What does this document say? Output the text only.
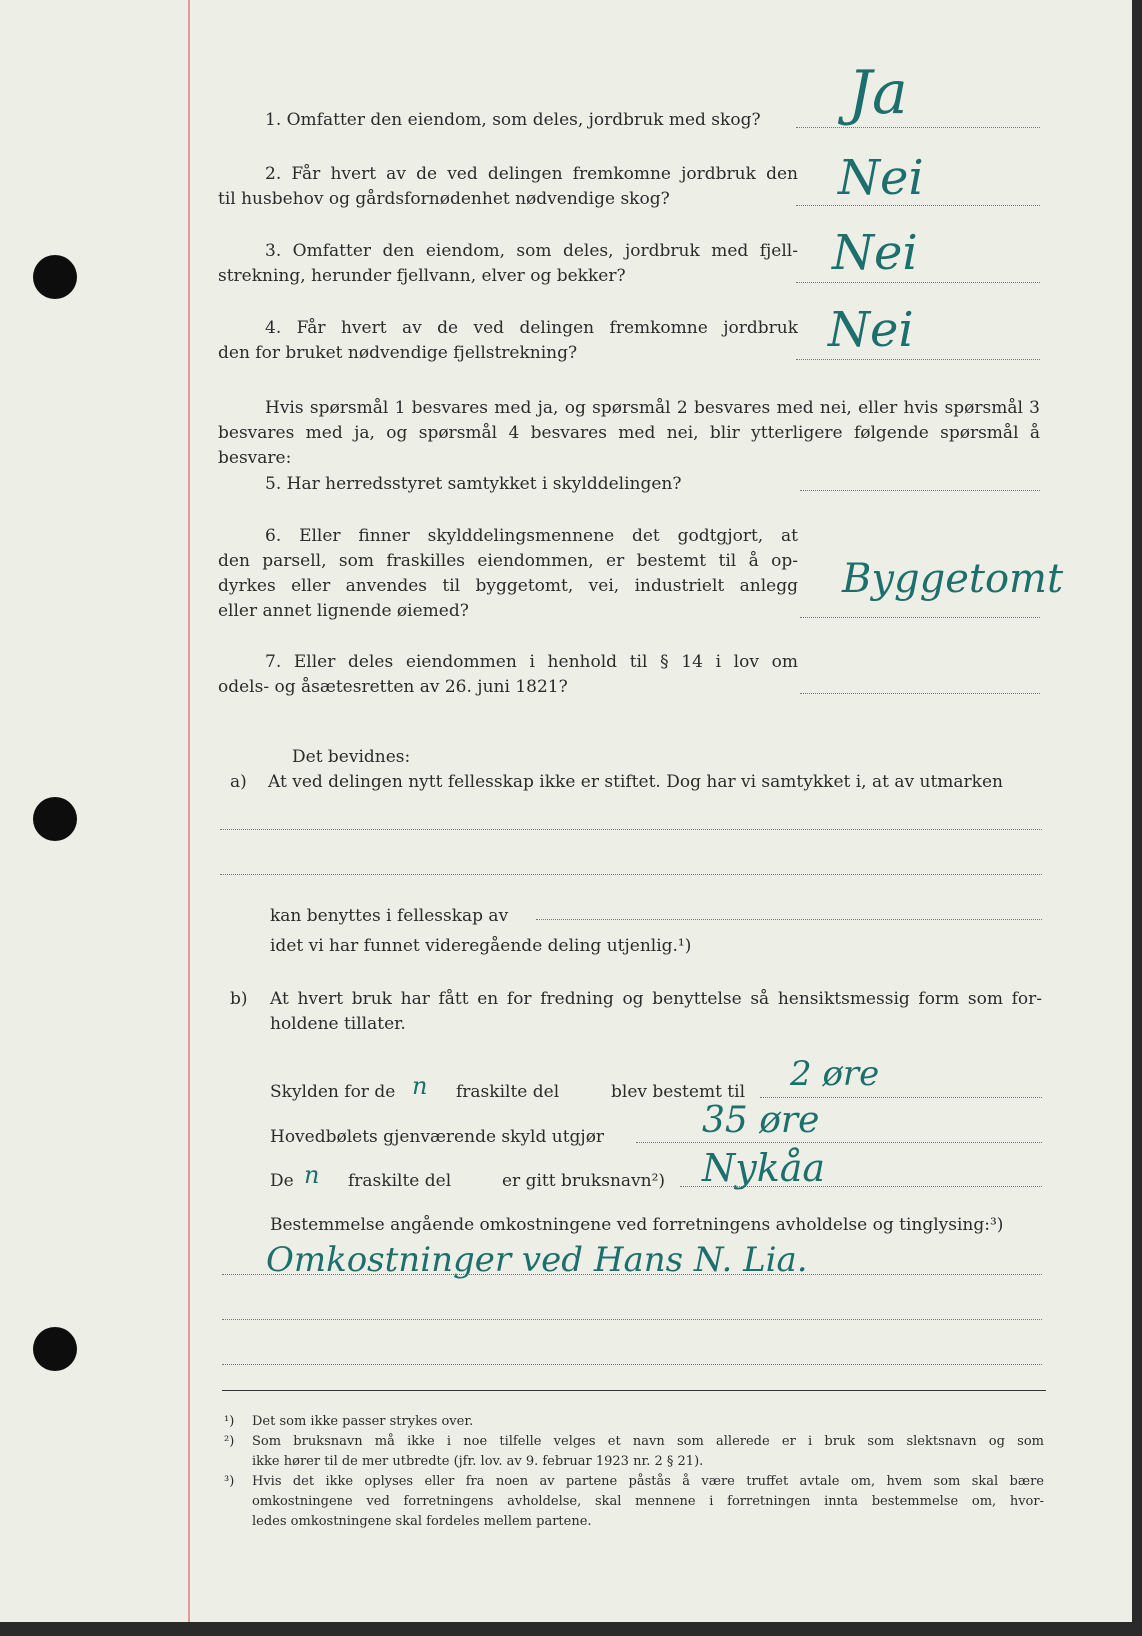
1. Omfatter den eiendom, som deles, jordbruk med skog? Ja
2. Får hvert av de ved delingen fremkomne jordbruk den
til husbehov og gårdsfornødenhet nødvendige skog?	Nei
3. Omfatter den eiendom, som deles, jordbruk med fjell-
strekning, herunder fjellvann, elver og bekker?	Nei
4. Får hvert av de ved delingen fremkomne jordbruk
den for bruket nødvendige fjellstrekning?	Nei
Hvis spørsmål 1 besvares med ja, og spørsmål 2 besvares med nei, eller hvis spørsmål 3
besvares med ja, og spørsmål 4 besvares med nei, blir ytterligere følgende spørsmål å besvare:
5. Har herredsstyret samtykket i skylddelingen?
6. Eller finner skylddelingsmennene det godtgjort, at
den parsell, som fraskilles eiendommen, er bestemt til å op-
dyrkes eller anvendes til byggetomt, vei, industrielt anlegg
eller annet lignende øiemed?
Byggetomt
7. Eller deles eiendommen i henhold til § 14 i lov om
odels- og åsætesretten av 26. juni 1821?
Det bevidnes:
a) At ved delingen nytt fellesskap ikke er stiftet. Dog har vi samtykket i, at av utmarken
kan benyttes i fellesskap av
idet vi har funnet videregående deling utjenlig.¹)
b) At hvert bruk har fått en for fredning og benyttelse så hensiktsmessig form som for-
holdene tillater.
Skylden for de n fraskilte del	blev bestemt til 2 øre
Hovedbølets gjenværende skyld utgjør	35 øre
De n fraskilte del	er gitt bruksnavn²) Nykåa
Bestemmelse angående omkostningene ved forretningens avholdelse og tinglysing:³)
Omkostninger ved Hans N. Lia.
¹) Det som ikke passer strykes over.
²) Som bruksnavn må ikke i noe tilfelle velges et navn som allerede er i bruk som slektsnavn og som
ikke hører til de mer utbredte (jfr. lov. av 9. februar 1923 nr. 2 § 21).
³) Hvis det ikke oplyses eller fra noen av partene påstås å være truffet avtale om, hvem som skal bære
omkostningene ved forretningens avholdelse, skal mennene i forretningen innta bestemmelse om, hvor-
ledes omkostningene skal fordeles mellem partene.
